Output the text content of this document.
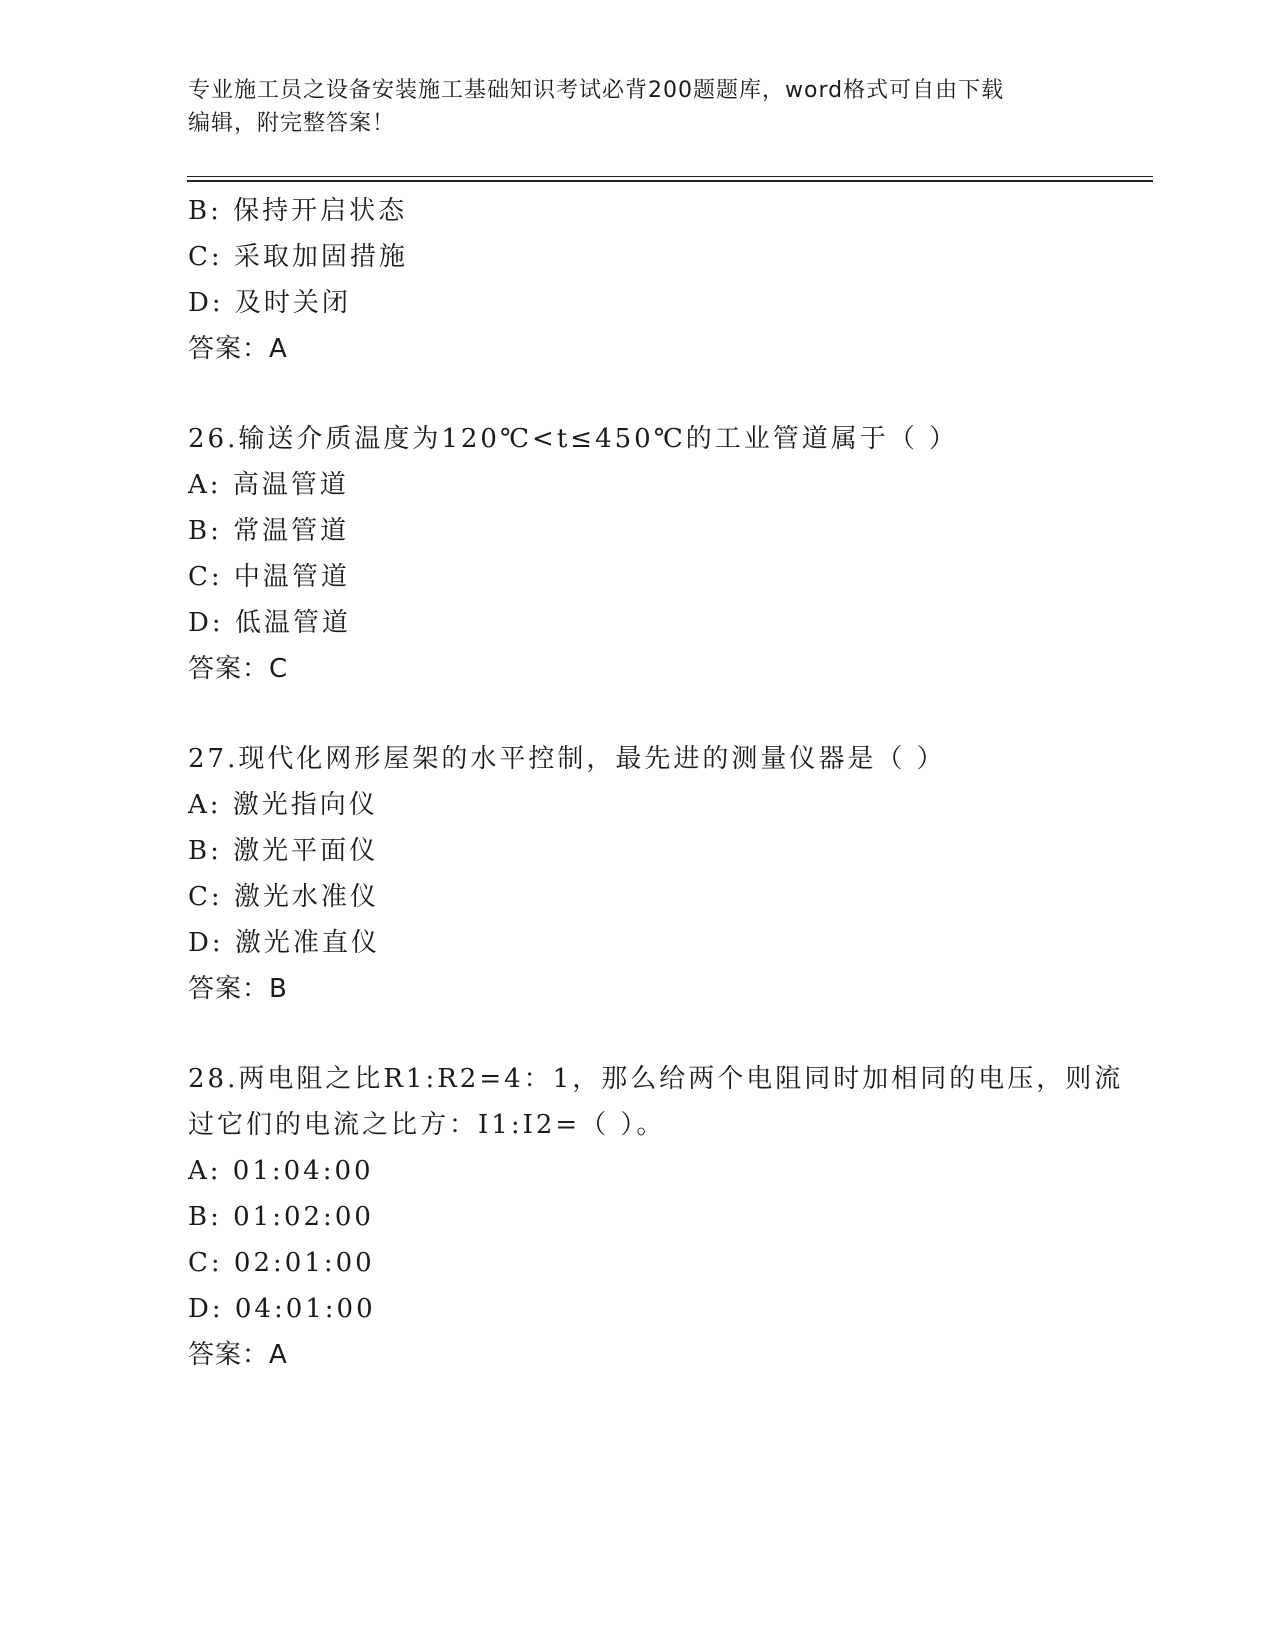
专业施工员之设备安装施工基础知识考试必背200题题库，word格式可自由下载
编辑，附完整答案！
B: 保持开启状态
C: 采取加固措施
D: 及时关闭
答案：A
26.输送介质温度为120℃<t≤450℃的工业管道属于（ ）
A: 高温管道
B: 常温管道
C: 中温管道
D: 低温管道
答案：C
27.现代化网形屋架的水平控制，最先进的测量仪器是（ ）
A: 激光指向仪
B: 激光平面仪
C: 激光水准仪
D: 激光准直仪
答案：B
28.两电阻之比R1:R2=4：1，那么给两个电阻同时加相同的电压，则流
过它们的电流之比方：I1:I2=（ ）。
A: 01:04:00
B: 01:02:00
C: 02:01:00
D: 04:01:00
答案：A
